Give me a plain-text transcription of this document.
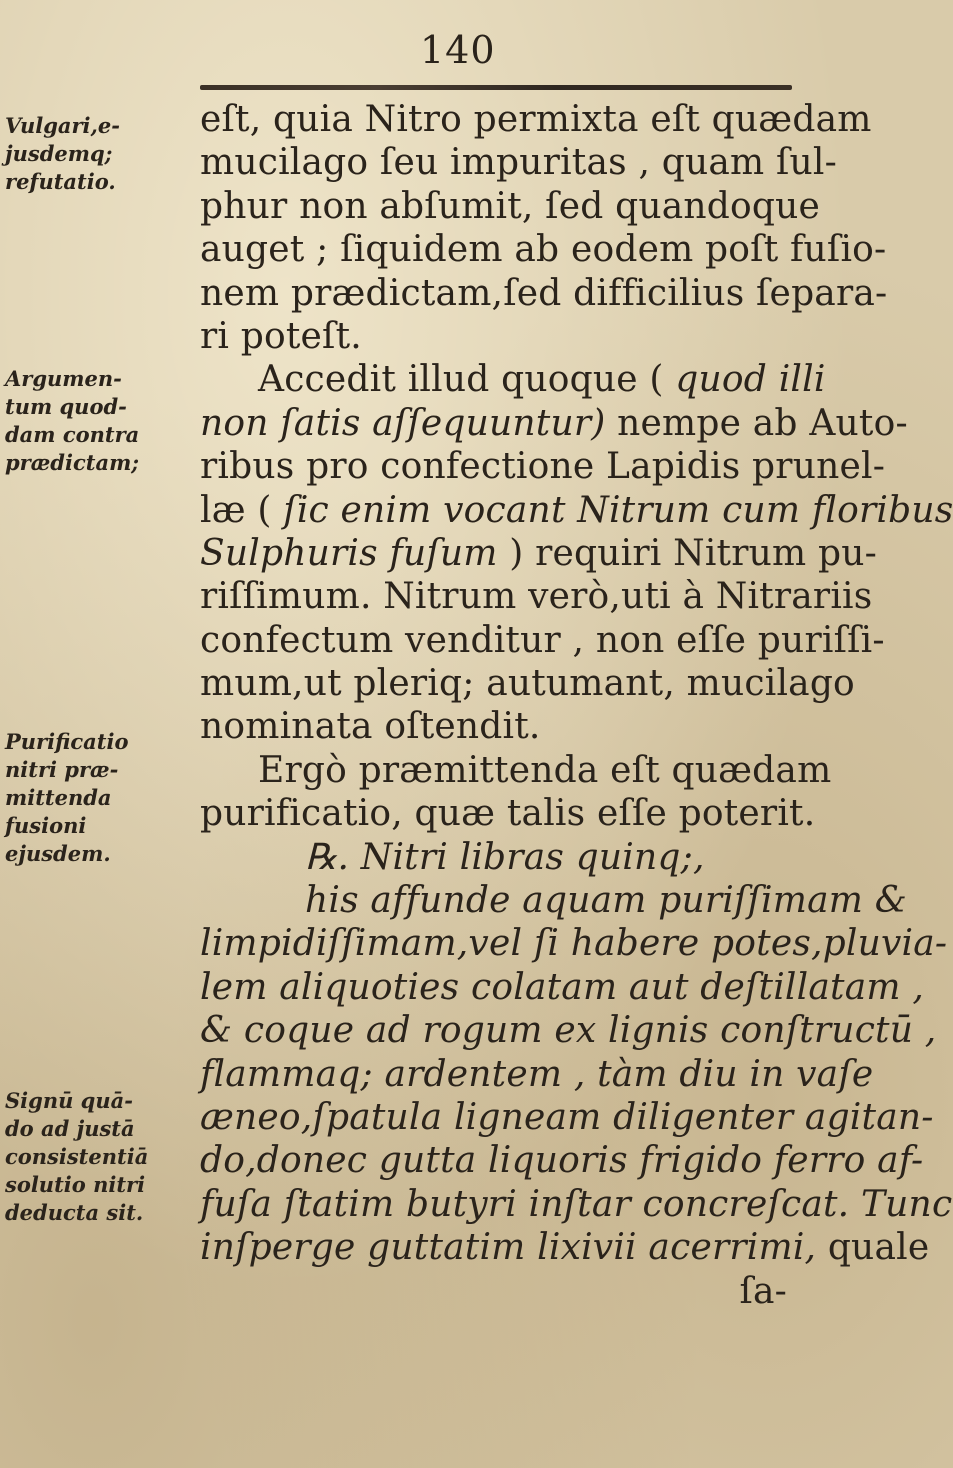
140
Vulgari,e-
jusdemq;
refutatio.
Argumen-
tum quod-
dam contra
prædictam;
Purificatio
nitri præ-
mittenda
fusioni
ejusdem.
Signū quā-
do ad justā
consistentiā
solutio nitri
deducta sit.
eſt, quia Nitro permixta eſt quædam
mucilago ſeu impuritas , quam ſul-
phur non abſumit, ſed quandoque
auget ; ſiquidem ab eodem poſt fuſio-
nem prædictam,ſed difficilius ſepara-
ri poteſt.
Accedit illud quoque ( quod illi
non ſatis aſſequuntur) nempe ab Auto-
ribus pro confectione Lapidis prunel-
læ ( ſic enim vocant Nitrum cum floribus
Sulphuris fuſum ) requiri Nitrum pu-
riſſimum. Nitrum verò,uti à Nitrariis
confectum venditur , non eſſe puriſſi-
mum,ut pleriq; autumant, mucilago
nominata oſtendit.
Ergò præmittenda eſt quædam
purificatio, quæ talis eſſe poterit.
℞. Nitri libras quinq;,
his affunde aquam puriſſimam &
limpidiſſimam,vel ſi habere potes,pluvia-
lem aliquoties colatam aut deſtillatam ,
& coque ad rogum ex lignis conſtructū ,
flammaq; ardentem , tàm diu in vaſe
æneo,ſpatula ligneam diligenter agitan-
do,donec gutta liquoris frigido ferro af-
fuſa ſtatim butyri inſtar concreſcat. Tunc
inſperge guttatim lixivii acerrimi, quale
ſa-
